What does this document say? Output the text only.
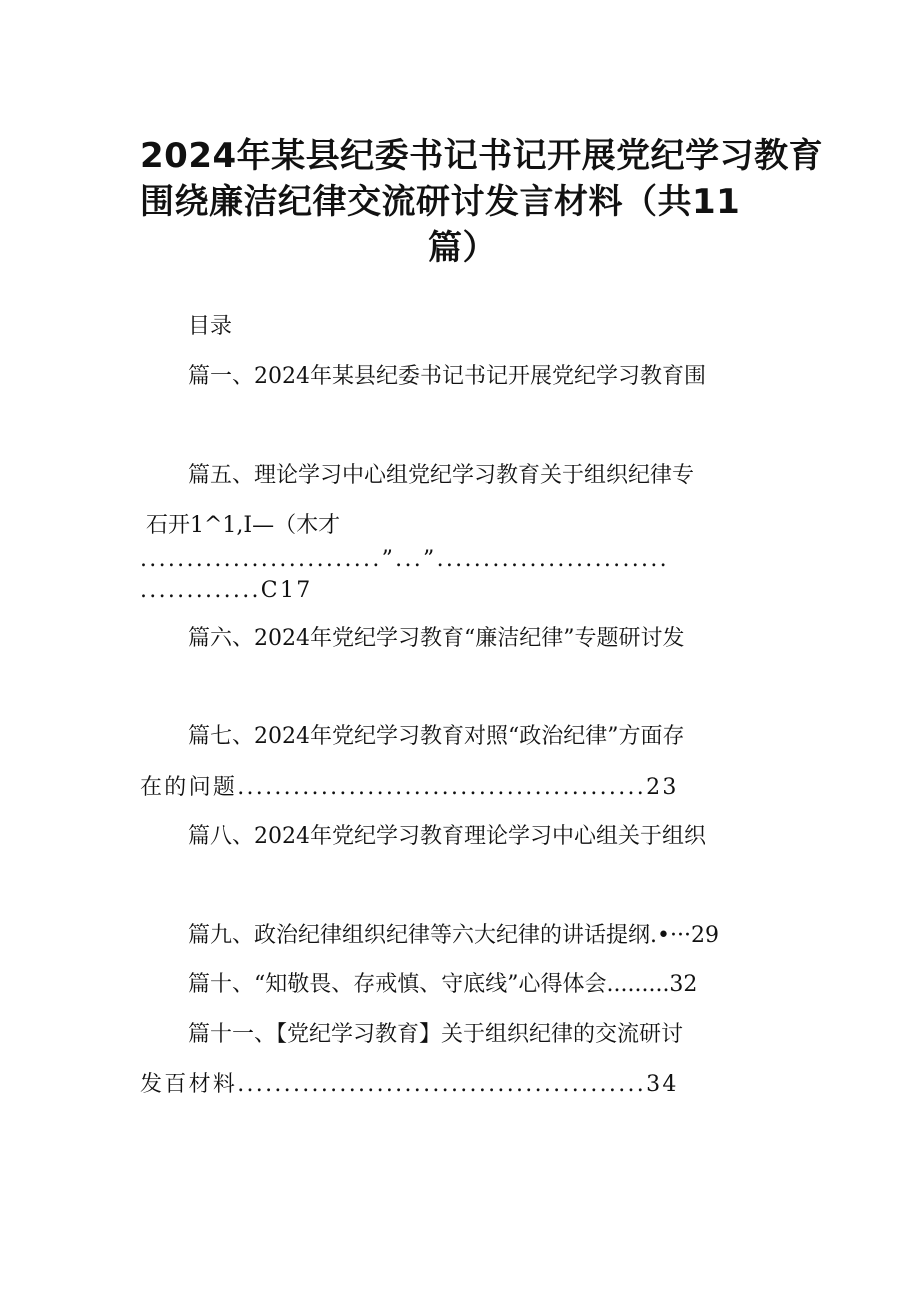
2024年某县纪委书记书记开展党纪学习教育
围绕廉洁纪律交流研讨发言材料（共11
篇）
目录
篇一、2024年某县纪委书记书记开展党纪学习教育围
篇五、理论学习中心组党纪学习教育关于组织纪律专
石开1^1,I—（木才
..........................”...”.........................
.............C17
篇六、2024年党纪学习教育“廉洁纪律”专题研讨发
篇七、2024年党纪学习教育对照“政治纪律”方面存
在的问题............................................23
篇八、2024年党纪学习教育理论学习中心组关于组织
篇九、政治纪律组织纪律等六大纪律的讲话提纲.•···29
篇十、“知敬畏、存戒慎、守底线”心得体会.........32
篇十一、【党纪学习教育】关于组织纪律的交流研讨
发百材料............................................34
